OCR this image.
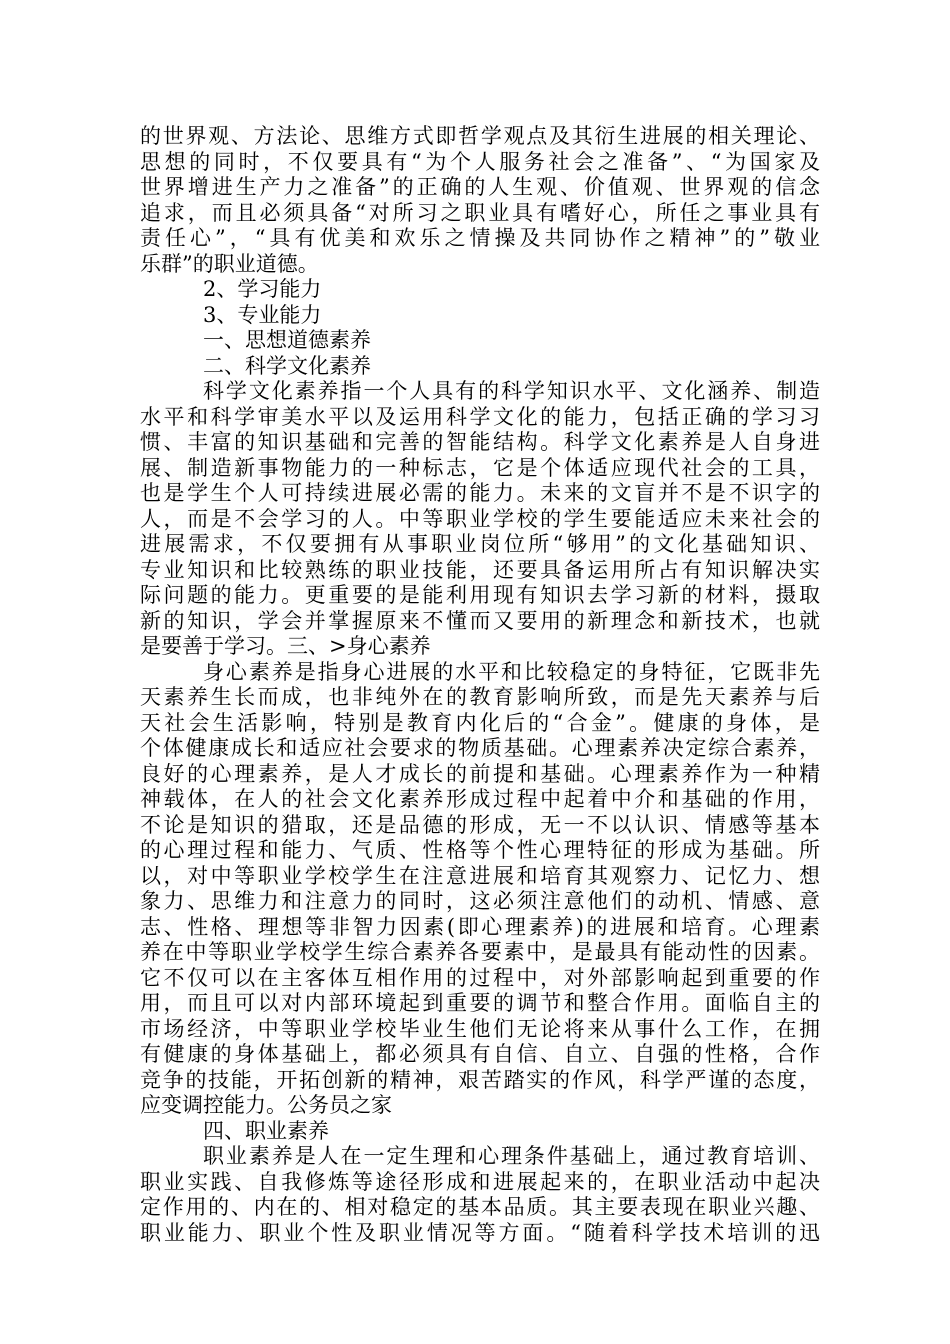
的世界观、方法论、思维方式即哲学观点及其衍生进展的相关理论、
思想的同时，不仅要具有“为个人服务社会之准备”、“为国家及
世界增进生产力之准备”的正确的人生观、价值观、世界观的信念
追求，而且必须具备“对所习之职业具有嗜好心，所任之事业具有
责任心”，“具有优美和欢乐之情操及共同协作之精神”的”敬业
乐群”的职业道德。
2、学习能力
3、专业能力
一、思想道德素养
二、科学文化素养
科学文化素养指一个人具有的科学知识水平、文化涵养、制造
水平和科学审美水平以及运用科学文化的能力，包括正确的学习习
惯、丰富的知识基础和完善的智能结构。科学文化素养是人自身进
展、制造新事物能力的一种标志，它是个体适应现代社会的工具，
也是学生个人可持续进展必需的能力。未来的文盲并不是不识字的
人，而是不会学习的人。中等职业学校的学生要能适应未来社会的
进展需求，不仅要拥有从事职业岗位所“够用”的文化基础知识、
专业知识和比较熟练的职业技能，还要具备运用所占有知识解决实
际问题的能力。更重要的是能利用现有知识去学习新的材料，摄取
新的知识，学会并掌握原来不懂而又要用的新理念和新技术，也就
是要善于学习。三、>身心素养
身心素养是指身心进展的水平和比较稳定的身特征，它既非先
天素养生长而成，也非纯外在的教育影响所致，而是先天素养与后
天社会生活影响，特别是教育内化后的“合金”。健康的身体，是
个体健康成长和适应社会要求的物质基础。心理素养决定综合素养，
良好的心理素养，是人才成长的前提和基础。心理素养作为一种精
神载体，在人的社会文化素养形成过程中起着中介和基础的作用，
不论是知识的猎取，还是品德的形成，无一不以认识、情感等基本
的心理过程和能力、气质、性格等个性心理特征的形成为基础。所
以，对中等职业学校学生在注意进展和培育其观察力、记忆力、想
象力、思维力和注意力的同时，这必须注意他们的动机、情感、意
志、性格、理想等非智力因素(即心理素养)的进展和培育。心理素
养在中等职业学校学生综合素养各要素中，是最具有能动性的因素。
它不仅可以在主客体互相作用的过程中，对外部影响起到重要的作
用，而且可以对内部环境起到重要的调节和整合作用。面临自主的
市场经济，中等职业学校毕业生他们无论将来从事什么工作，在拥
有健康的身体基础上，都必须具有自信、自立、自强的性格，合作
竞争的技能，开拓创新的精神，艰苦踏实的作风，科学严谨的态度，
应变调控能力。公务员之家
四、职业素养
职业素养是人在一定生理和心理条件基础上，通过教育培训、
职业实践、自我修炼等途径形成和进展起来的，在职业活动中起决
定作用的、内在的、相对稳定的基本品质。其主要表现在职业兴趣、
职业能力、职业个性及职业情况等方面。“随着科学技术培训的迅
